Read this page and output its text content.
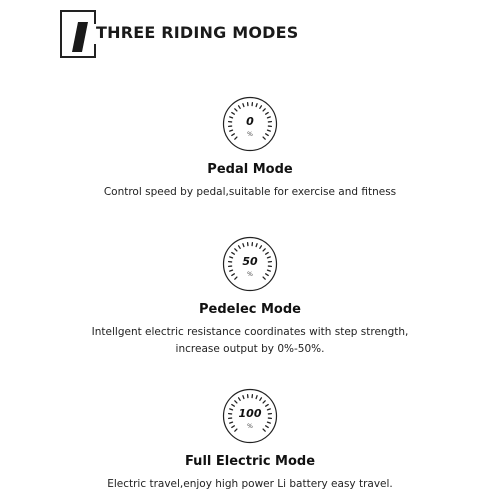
THREE RIDING MODES
0
%
Pedal Mode
Control speed by pedal,suitable for exercise and fitness
50
%
Pedelec Mode
Intellgent electric resistance coordinates with step strength,
increase output by 0%-50%.
100
%
Full Electric Mode
Electric travel,enjoy high power Li battery easy travel.
